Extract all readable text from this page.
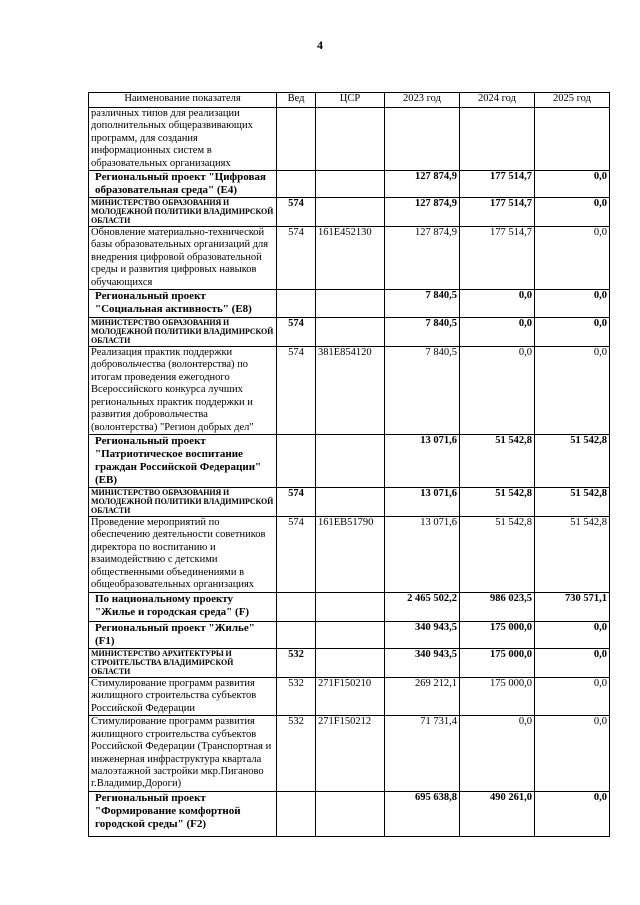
4
Наименование показателя	Вед	ЦСР	2023 год	2024 год	2025 год
различных типов для реализации дополнительных общеразвивающих программ, для создания информационных систем в образовательных организациях					
Региональный проект "Цифровая образовательная среда" (E4)			127 874,9	177 514,7	0,0
МИНИСТЕРСТВО ОБРАЗОВАНИЯ И МОЛОДЕЖНОЙ ПОЛИТИКИ ВЛАДИМИРСКОЙ ОБЛАСТИ	574		127 874,9	177 514,7	0,0
Обновление материально-технической базы образовательных организаций для внедрения цифровой образовательной среды и развития цифровых навыков обучающихся	574	161E452130	127 874,9	177 514,7	0,0
Региональный проект "Социальная активность" (E8)			7 840,5	0,0	0,0
МИНИСТЕРСТВО ОБРАЗОВАНИЯ И МОЛОДЕЖНОЙ ПОЛИТИКИ ВЛАДИМИРСКОЙ ОБЛАСТИ	574		7 840,5	0,0	0,0
Реализация практик поддержки добровольчества (волонтерства) по итогам проведения ежегодного Всероссийского конкурса лучших региональных практик поддержки и развития добровольчества (волонтерства) "Регион добрых дел"	574	381E854120	7 840,5	0,0	0,0
Региональный проект "Патриотическое воспитание граждан Российской Федерации" (EB)			13 071,6	51 542,8	51 542,8
МИНИСТЕРСТВО ОБРАЗОВАНИЯ И МОЛОДЕЖНОЙ ПОЛИТИКИ ВЛАДИМИРСКОЙ ОБЛАСТИ	574		13 071,6	51 542,8	51 542,8
Проведение мероприятий по обеспечению деятельности советников директора по воспитанию и взаимодействию с детскими общественными объединениями в общеобразовательных организациях	574	161EB51790	13 071,6	51 542,8	51 542,8
По национальному проекту "Жилье и городская среда" (F)			2 465 502,2	986 023,5	730 571,1
Региональный проект "Жилье" (F1)			340 943,5	175 000,0	0,0
МИНИСТЕРСТВО АРХИТЕКТУРЫ И СТРОИТЕЛЬСТВА ВЛАДИМИРСКОЙ ОБЛАСТИ	532		340 943,5	175 000,0	0,0
Стимулирование программ развития жилищного строительства субъектов Российской Федерации	532	271F150210	269 212,1	175 000,0	0,0
Стимулирование программ развития жилищного строительства субъектов Российской Федерации (Транспортная и инженерная инфраструктура квартала малоэтажной застройки мкр.Пиганово г.Владимир,Дороги)	532	271F150212	71 731,4	0,0	0,0
Региональный проект "Формирование комфортной городской среды" (F2)			695 638,8	490 261,0	0,0
